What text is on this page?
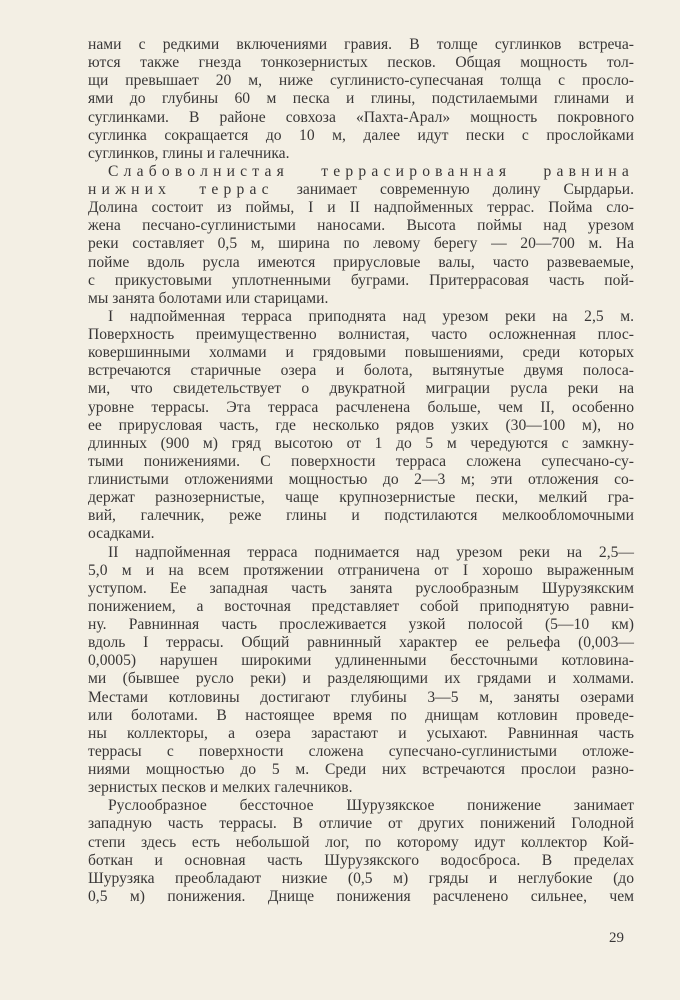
нами с редкими включениями гравия. В толще суглинков встреча-
ются также гнезда тонкозернистых песков. Общая мощность тол-
щи превышает 20 м, ниже суглинисто-супесчаная толща с просло-
ями до глубины 60 м песка и глины, подстилаемыми глинами и
суглинками. В районе совхоза «Пахта-Арал» мощность покровного
суглинка сокращается до 10 м, далее идут пески с прослойками
суглинков, глины и галечника.
Слабоволнистая террасированная равнина
нижних террас занимает современную долину Сырдарьи.
Долина состоит из поймы, I и II надпойменных террас. Пойма сло-
жена песчано-суглинистыми наносами. Высота поймы над урезом
реки составляет 0,5 м, ширина по левому берегу — 20—700 м. На
пойме вдоль русла имеются прирусловые валы, часто развеваемые,
с прикустовыми уплотненными буграми. Притеррасовая часть пой-
мы занята болотами или старицами.
I надпойменная терраса приподнята над урезом реки на 2,5 м.
Поверхность преимущественно волнистая, часто осложненная плос-
ковершинными холмами и грядовыми повышениями, среди которых
встречаются старичные озера и болота, вытянутые двумя полоса-
ми, что свидетельствует о двукратной миграции русла реки на
уровне террасы. Эта терраса расчленена больше, чем II, особенно
ее прирусловая часть, где несколько рядов узких (30—100 м), но
длинных (900 м) гряд высотою от 1 до 5 м чередуются с замкну-
тыми понижениями. С поверхности терраса сложена супесчано-су-
глинистыми отложениями мощностью до 2—3 м; эти отложения со-
держат разнозернистые, чаще крупнозернистые пески, мелкий гра-
вий, галечник, реже глины и подстилаются мелкообломочными
осадками.
II надпойменная терраса поднимается над урезом реки на 2,5—
5,0 м и на всем протяжении отграничена от I хорошо выраженным
уступом. Ее западная часть занята руслообразным Шурузякским
понижением, а восточная представляет собой приподнятую равни-
ну. Равнинная часть прослеживается узкой полосой (5—10 км)
вдоль I террасы. Общий равнинный характер ее рельефа (0,003—
0,0005) нарушен широкими удлиненными бессточными котловина-
ми (бывшее русло реки) и разделяющими их грядами и холмами.
Местами котловины достигают глубины 3—5 м, заняты озерами
или болотами. В настоящее время по днищам котловин проведе-
ны коллекторы, а озера зарастают и усыхают. Равнинная часть
террасы с поверхности сложена супесчано-суглинистыми отложе-
ниями мощностью до 5 м. Среди них встречаются прослои разно-
зернистых песков и мелких галечников.
Руслообразное бессточное Шурузякское понижение занимает
западную часть террасы. В отличие от других понижений Голодной
степи здесь есть небольшой лог, по которому идут коллектор Кой-
боткан и основная часть Шурузякского водосброса. В пределах
Шурузяка преобладают низкие (0,5 м) гряды и неглубокие (до
0,5 м) понижения. Днище понижения расчленено сильнее, чем
29
